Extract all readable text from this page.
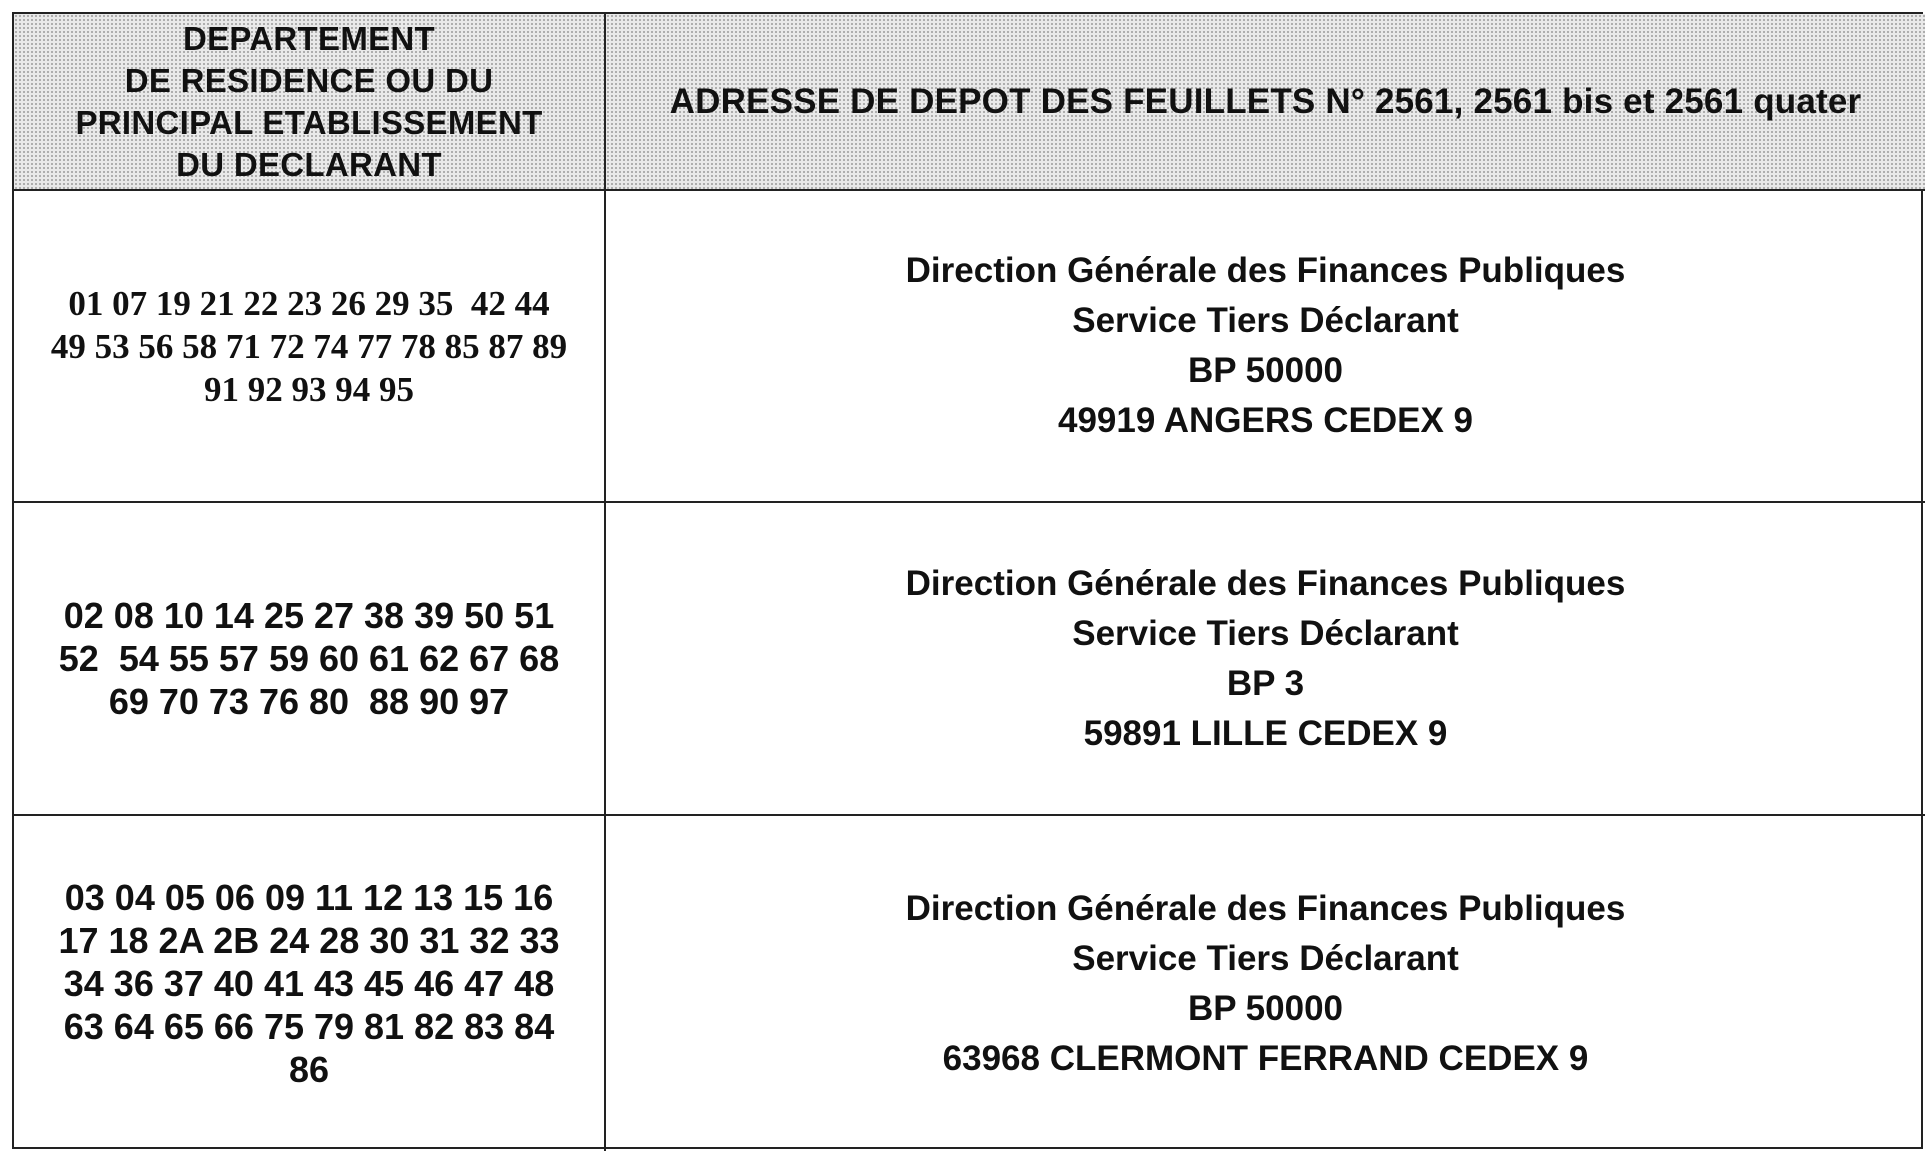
DEPARTEMENT
DE RESIDENCE OU DU
PRINCIPAL ETABLISSEMENT
DU DECLARANT
ADRESSE DE DEPOT DES FEUILLETS N° 2561, 2561 bis et 2561 quater
01 07 19 21 22 23 26 29 35  42 44
49 53 56 58 71 72 74 77 78 85 87 89
91 92 93 94 95
Direction Générale des Finances Publiques
Service Tiers Déclarant
BP 50000
49919 ANGERS CEDEX 9
02 08 10 14 25 27 38 39 50 51
52  54 55 57 59 60 61 62 67 68
69 70 73 76 80  88 90 97
Direction Générale des Finances Publiques
Service Tiers Déclarant
BP 3
59891 LILLE CEDEX 9
03 04 05 06 09 11 12 13 15 16
17 18 2A 2B 24 28 30 31 32 33
34 36 37 40 41 43 45 46 47 48
63 64 65 66 75 79 81 82 83 84
86
Direction Générale des Finances Publiques
Service Tiers Déclarant
BP 50000
63968 CLERMONT FERRAND CEDEX 9
